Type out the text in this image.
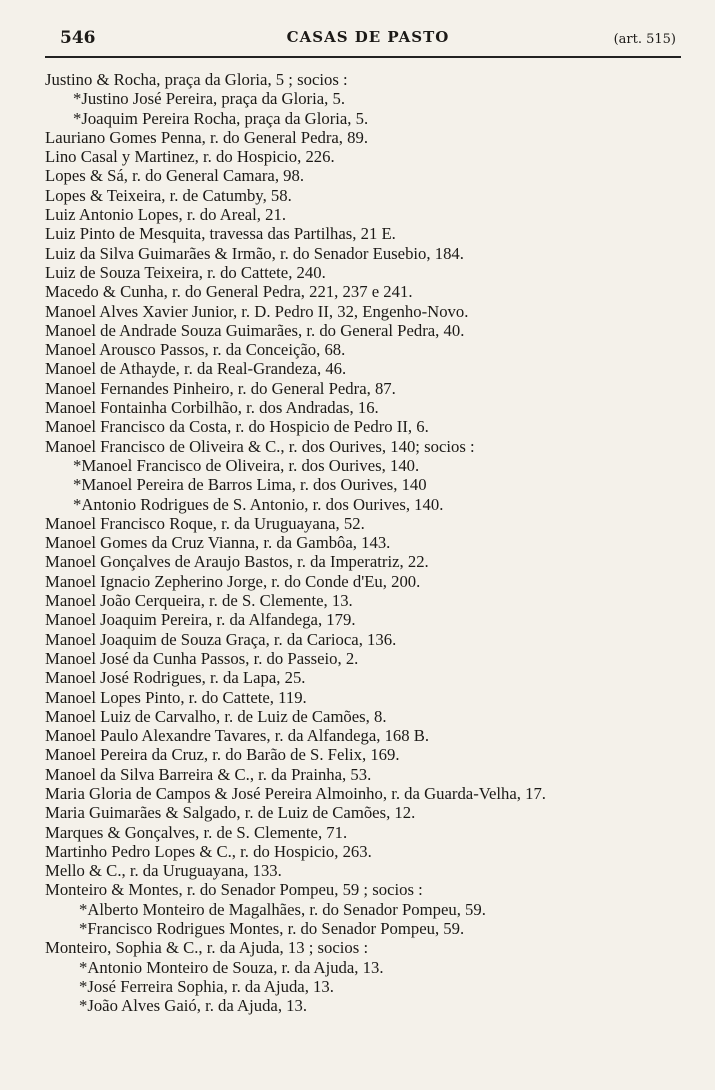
546	CASAS DE PASTO	(art. 515)
Justino & Rocha, praça da Gloria, 5 ; socios :
*Justino José Pereira, praça da Gloria, 5.
*Joaquim Pereira Rocha, praça da Gloria, 5.
Lauriano Gomes Penna, r. do General Pedra, 89.
Lino Casal y Martinez, r. do Hospicio, 226.
Lopes & Sá, r. do General Camara, 98.
Lopes & Teixeira, r. de Catumby, 58.
Luiz Antonio Lopes, r. do Areal, 21.
Luiz Pinto de Mesquita, travessa das Partilhas, 21 E.
Luiz da Silva Guimarães & Irmão, r. do Senador Eusebio, 184.
Luiz de Souza Teixeira, r. do Cattete, 240.
Macedo & Cunha, r. do General Pedra, 221, 237 e 241.
Manoel Alves Xavier Junior, r. D. Pedro II, 32, Engenho-Novo.
Manoel de Andrade Souza Guimarães, r. do General Pedra, 40.
Manoel Arousco Passos, r. da Conceição, 68.
Manoel de Athayde, r. da Real-Grandeza, 46.
Manoel Fernandes Pinheiro, r. do General Pedra, 87.
Manoel Fontainha Corbilhão, r. dos Andradas, 16.
Manoel Francisco da Costa, r. do Hospicio de Pedro II, 6.
Manoel Francisco de Oliveira & C., r. dos Ourives, 140; socios :
*Manoel Francisco de Oliveira, r. dos Ourives, 140.
*Manoel Pereira de Barros Lima, r. dos Ourives, 140
*Antonio Rodrigues de S. Antonio, r. dos Ourives, 140.
Manoel Francisco Roque, r. da Uruguayana, 52.
Manoel Gomes da Cruz Vianna, r. da Gambôa, 143.
Manoel Gonçalves de Araujo Bastos, r. da Imperatriz, 22.
Manoel Ignacio Zepherino Jorge, r. do Conde d'Eu, 200.
Manoel João Cerqueira, r. de S. Clemente, 13.
Manoel Joaquim Pereira, r. da Alfandega, 179.
Manoel Joaquim de Souza Graça, r. da Carioca, 136.
Manoel José da Cunha Passos, r. do Passeio, 2.
Manoel José Rodrigues, r. da Lapa, 25.
Manoel Lopes Pinto, r. do Cattete, 119.
Manoel Luiz de Carvalho, r. de Luiz de Camões, 8.
Manoel Paulo Alexandre Tavares, r. da Alfandega, 168 B.
Manoel Pereira da Cruz, r. do Barão de S. Felix, 169.
Manoel da Silva Barreira & C., r. da Prainha, 53.
Maria Gloria de Campos & José Pereira Almoinho, r. da Guarda-Velha, 17.
Maria Guimarães & Salgado, r. de Luiz de Camões, 12.
Marques & Gonçalves, r. de S. Clemente, 71.
Martinho Pedro Lopes & C., r. do Hospicio, 263.
Mello & C., r. da Uruguayana, 133.
Monteiro & Montes, r. do Senador Pompeu, 59 ; socios :
*Alberto Monteiro de Magalhães, r. do Senador Pompeu, 59.
*Francisco Rodrigues Montes, r. do Senador Pompeu, 59.
Monteiro, Sophia & C., r. da Ajuda, 13 ; socios :
*Antonio Monteiro de Souza, r. da Ajuda, 13.
*José Ferreira Sophia, r. da Ajuda, 13.
*João Alves Gaió, r. da Ajuda, 13.
